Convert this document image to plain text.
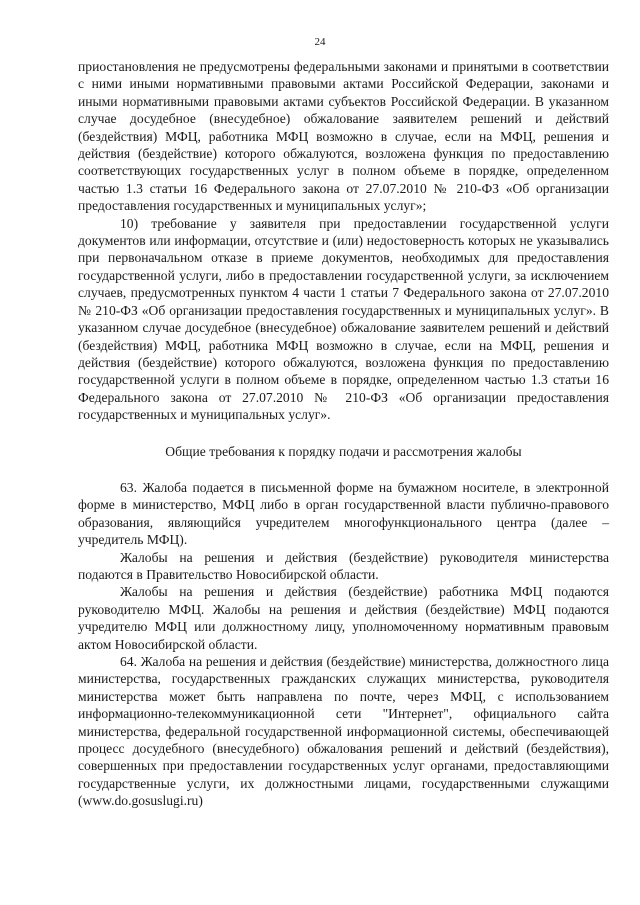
24

приостановления не предусмотрены федеральными законами и принятыми в соответствии с ними иными нормативными правовыми актами Российской Федерации, законами и иными нормативными правовыми актами субъектов Российской Федерации. В указанном случае досудебное (внесудебное) обжалование заявителем решений и действий (бездействия) МФЦ, работника МФЦ возможно в случае, если на МФЦ, решения и действия (бездействие) которого обжалуются, возложена функция по предоставлению соответствующих государственных услуг в полном объеме в порядке, определенном частью 1.3 статьи 16 Федерального закона от 27.07.2010 № 210-ФЗ «Об организации предоставления государственных и муниципальных услуг»;

10) требование у заявителя при предоставлении государственной услуги документов или информации, отсутствие и (или) недостоверность которых не указывались при первоначальном отказе в приеме документов, необходимых для предоставления государственной услуги, либо в предоставлении государственной услуги, за исключением случаев, предусмотренных пунктом 4 части 1 статьи 7 Федерального закона от 27.07.2010 № 210-ФЗ «Об организации предоставления государственных и муниципальных услуг». В указанном случае досудебное (внесудебное) обжалование заявителем решений и действий (бездействия) МФЦ, работника МФЦ возможно в случае, если на МФЦ, решения и действия (бездействие) которого обжалуются, возложена функция по предоставлению государственной услуги в полном объеме в порядке, определенном частью 1.3 статьи 16 Федерального закона от 27.07.2010 № 210-ФЗ «Об организации предоставления государственных и муниципальных услуг».

Общие требования к порядку подачи и рассмотрения жалобы

63. Жалоба подается в письменной форме на бумажном носителе, в электронной форме в министерство, МФЦ либо в орган государственной власти публично-правового образования, являющийся учредителем многофункционального центра (далее – учредитель МФЦ).

Жалобы на решения и действия (бездействие) руководителя министерства подаются в Правительство Новосибирской области.

Жалобы на решения и действия (бездействие) работника МФЦ подаются руководителю МФЦ. Жалобы на решения и действия (бездействие) МФЦ подаются учредителю МФЦ или должностному лицу, уполномоченному нормативным правовым актом Новосибирской области.

64. Жалоба на решения и действия (бездействие) министерства, должностного лица министерства, государственных гражданских служащих министерства, руководителя министерства может быть направлена по почте, через МФЦ, с использованием информационно-телекоммуникационной сети "Интернет", официального сайта министерства, федеральной государственной информационной системы, обеспечивающей процесс досудебного (внесудебного) обжалования решений и действий (бездействия), совершенных при предоставлении государственных услуг органами, предоставляющими государственные услуги, их должностными лицами, государственными служащими (www.do.gosuslugi.ru)
